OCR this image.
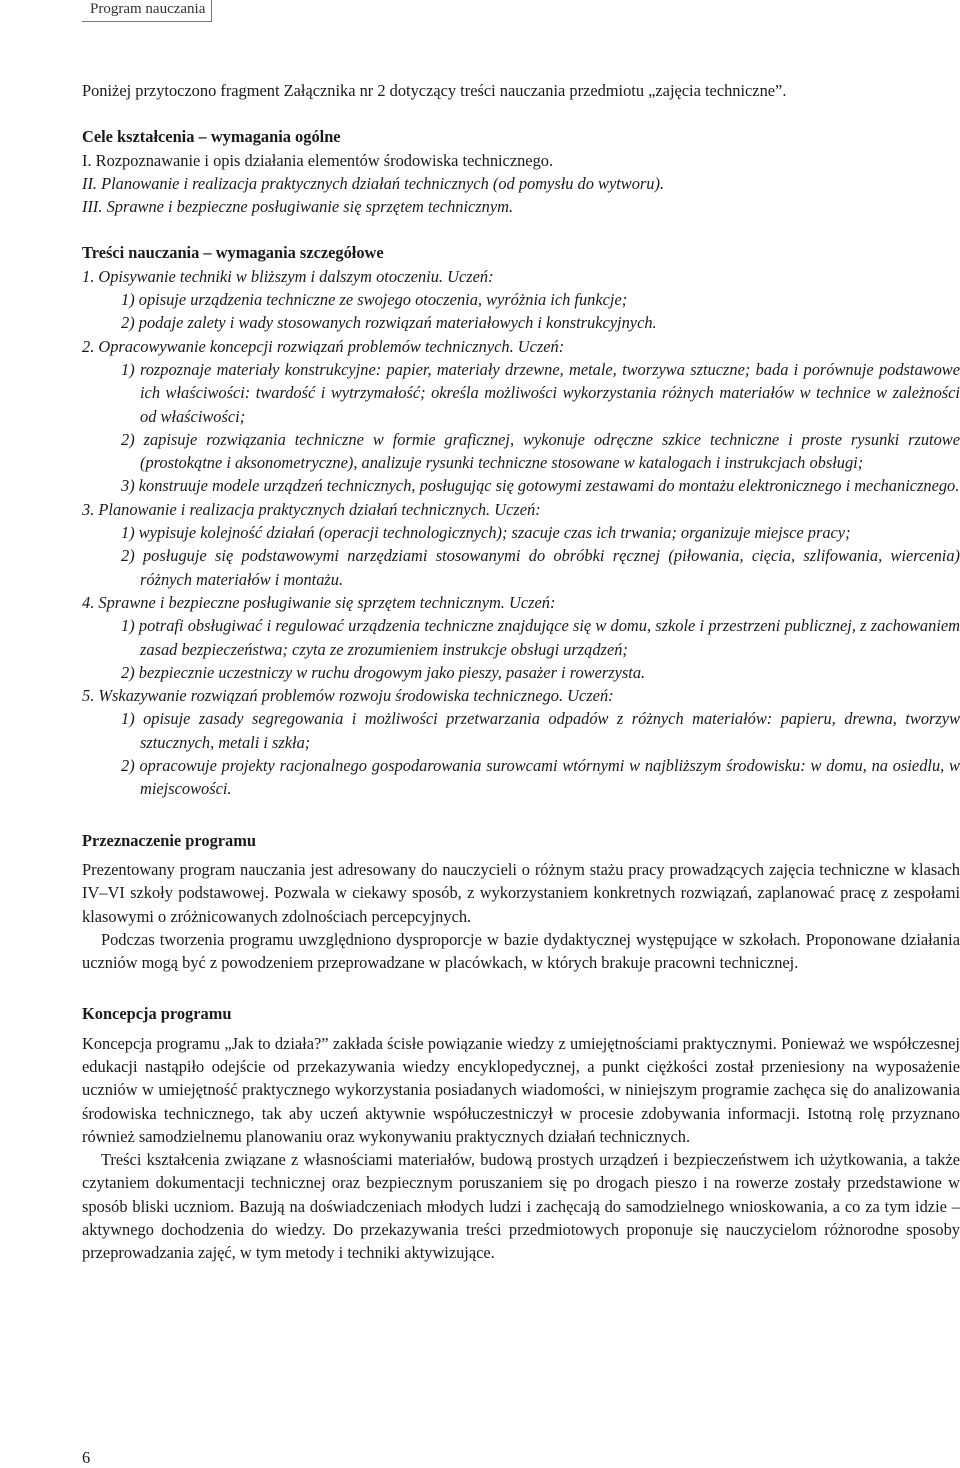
Program nauczania

Poniżej przytoczono fragment Załącznika nr 2 dotyczący treści nauczania przedmiotu „zajęcia techniczne”.

Cele kształcenia – wymagania ogólne
I. Rozpoznawanie i opis działania elementów środowiska technicznego.
II. Planowanie i realizacja praktycznych działań technicznych (od pomysłu do wytworu).
III. Sprawne i bezpieczne posługiwanie się sprzętem technicznym.
Treści nauczania – wymagania szczegółowe
1. Opisywanie techniki w bliższym i dalszym otoczeniu. Uczeń:
1) opisuje urządzenia techniczne ze swojego otoczenia, wyróżnia ich funkcje;
2) podaje zalety i wady stosowanych rozwiązań materiałowych i konstrukcyjnych.
2. Opracowywanie koncepcji rozwiązań problemów technicznych. Uczeń:
1) rozpoznaje materiały konstrukcyjne: papier, materiały drzewne, metale, tworzywa sztuczne; bada i porównuje podstawowe ich właściwości: twardość i wytrzymałość; określa możliwości wykorzystania różnych materiałów w technice w zależności od właściwości;
2) zapisuje rozwiązania techniczne w formie graficznej, wykonuje odręczne szkice techniczne i proste rysunki rzutowe (prostokątne i aksonometryczne), analizuje rysunki techniczne stosowane w katalogach i instrukcjach obsługi;
3) konstruuje modele urządzeń technicznych, posługując się gotowymi zestawami do montażu elektronicznego i mechanicznego.
3. Planowanie i realizacja praktycznych działań technicznych. Uczeń:
1) wypisuje kolejność działań (operacji technologicznych); szacuje czas ich trwania; organizuje miejsce pracy;
2) posługuje się podstawowymi narzędziami stosowanymi do obróbki ręcznej (piłowania, cięcia, szlifowania, wiercenia) różnych materiałów i montażu.
4. Sprawne i bezpieczne posługiwanie się sprzętem technicznym. Uczeń:
1) potrafi obsługiwać i regulować urządzenia techniczne znajdujące się w domu, szkole i przestrzeni publicznej, z zachowaniem zasad bezpieczeństwa; czyta ze zrozumieniem instrukcje obsługi urządzeń;
2) bezpiecznie uczestniczy w ruchu drogowym jako pieszy, pasażer i rowerzysta.
5. Wskazywanie rozwiązań problemów rozwoju środowiska technicznego. Uczeń:
1) opisuje zasady segregowania i możliwości przetwarzania odpadów z różnych materiałów: papieru, drewna, tworzyw sztucznych, metali i szkła;
2) opracowuje projekty racjonalnego gospodarowania surowcami wtórnymi w najbliższym środowisku: w domu, na osiedlu, w miejscowości.
Przeznaczenie programu

Prezentowany program nauczania jest adresowany do nauczycieli o różnym stażu pracy prowadzących zajęcia techniczne w klasach IV–VI szkoły podstawowej. Pozwala w ciekawy sposób, z wykorzystaniem konkretnych rozwiązań, zaplanować pracę z zespołami klasowymi o zróżnicowanych zdolnościach percepcyjnych.

Podczas tworzenia programu uwzględniono dysproporcje w bazie dydaktycznej występujące w szkołach. Proponowane działania uczniów mogą być z powodzeniem przeprowadzane w placówkach, w których brakuje pracowni technicznej.

Koncepcja programu

Koncepcja programu „Jak to działa?” zakłada ścisłe powiązanie wiedzy z umiejętnościami praktycznymi. Ponieważ we współczesnej edukacji nastąpiło odejście od przekazywania wiedzy encyklopedycznej, a punkt ciężkości został przeniesiony na wyposażenie uczniów w umiejętność praktycznego wykorzystania posiadanych wiadomości, w niniejszym programie zachęca się do analizowania środowiska technicznego, tak aby uczeń aktywnie współuczestniczył w procesie zdobywania informacji. Istotną rolę przyznano również samodzielnemu planowaniu oraz wykonywaniu praktycznych działań technicznych.

Treści kształcenia związane z własnościami materiałów, budową prostych urządzeń i bezpieczeństwem ich użytkowania, a także czytaniem dokumentacji technicznej oraz bezpiecznym poruszaniem się po drogach pieszo i na rowerze zostały przedstawione w sposób bliski uczniom. Bazują na doświadczeniach młodych ludzi i zachęcają do samodzielnego wnioskowania, a co za tym idzie – aktywnego dochodzenia do wiedzy. Do przekazywania treści przedmiotowych proponuje się nauczycielom różnorodne sposoby przeprowadzania zajęć, w tym metody i techniki aktywizujące.

6
